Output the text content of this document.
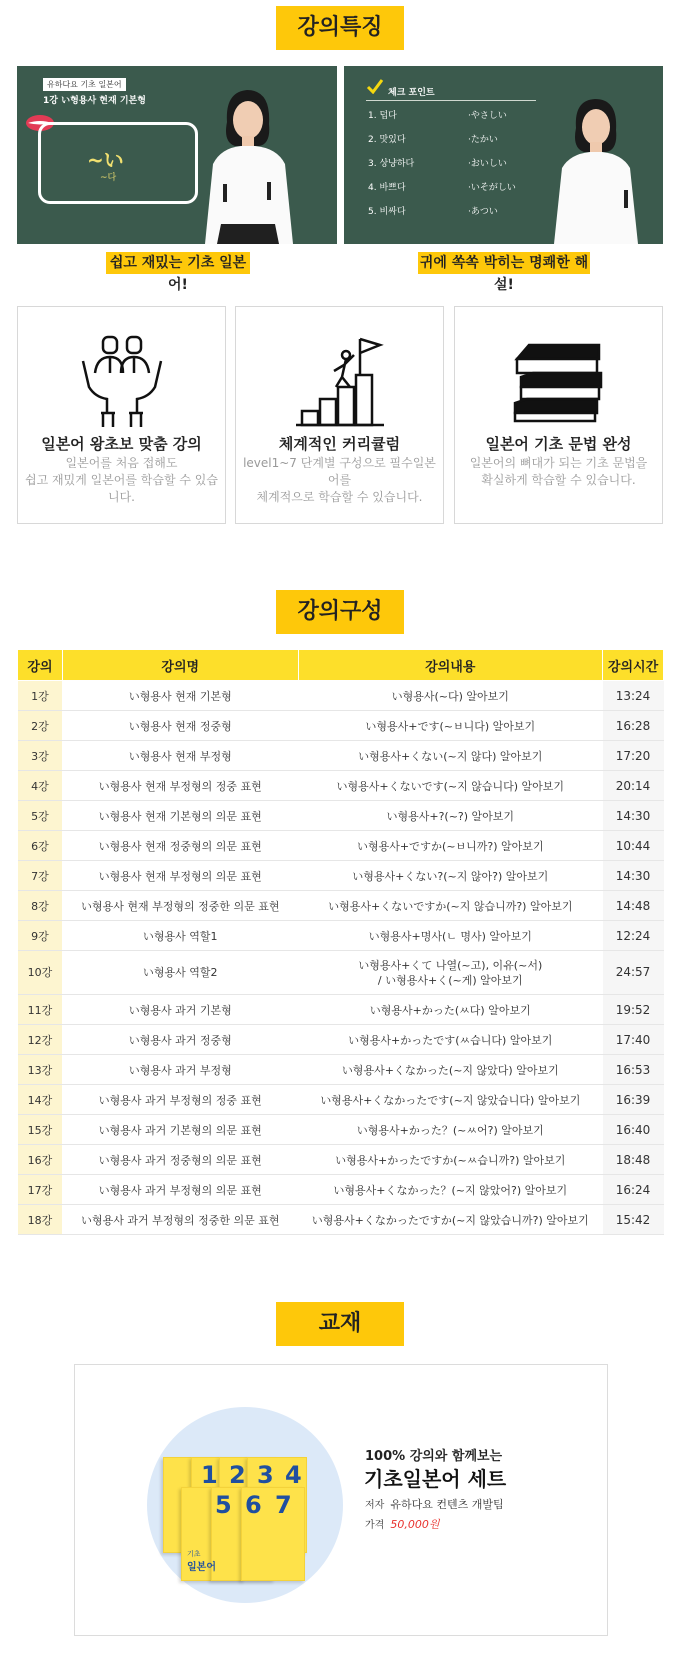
강의특징
유하다요 기초 일본어
1강 い형용사 현재 기본형
~い
~다
체크 포인트
1. 덥다	·やさしい
2. 맛있다	·たかい
3. 상냥하다	·おいしい
4. 바쁘다	·いそがしい
5. 비싸다	·あつい
쉽고 재밌는 기초 일본어!
귀에 쏙쏙 박히는 명쾌한 해설!
일본어 왕초보 맞춤 강의
일본어를 처음 접해도
쉽고 재밌게 일본어를 학습할 수 있습니다.
체계적인 커리큘럼
level1~7 단계별 구성으로 필수일본어를
체계적으로 학습할 수 있습니다.
일본어 기초 문법 완성
일본어의 뼈대가 되는 기초 문법을
확실하게 학습할 수 있습니다.
강의구성
강의	강의명	강의내용	강의시간
1강	い형용사 현재 기본형	い형용사(~다) 알아보기	13:24
2강	い형용사 현재 정중형	い형용사+です(~ㅂ니다) 알아보기	16:28
3강	い형용사 현재 부정형	い형용사+くない(~지 않다) 알아보기	17:20
4강	い형용사 현재 부정형의 정중 표현	い형용사+くないです(~지 않습니다) 알아보기	20:14
5강	い형용사 현재 기본형의 의문 표현	い형용사+?(~?) 알아보기	14:30
6강	い형용사 현재 정중형의 의문 표현	い형용사+ですか(~ㅂ니까?) 알아보기	10:44
7강	い형용사 현재 부정형의 의문 표현	い형용사+くない?(~지 않아?) 알아보기	14:30
8강	い형용사 현재 부정형의 정중한 의문 표현	い형용사+くないですか(~지 않습니까?) 알아보기	14:48
9강	い형용사 역할1	い형용사+명사(ㄴ 명사) 알아보기	12:24
10강	い형용사 역할2	い형용사+くて 나열(~고), 이유(~서)
/ い형용사+く(~게) 알아보기	24:57
11강	い형용사 과거 기본형	い형용사+かった(ㅆ다) 알아보기	19:52
12강	い형용사 과거 정중형	い형용사+かったです(ㅆ습니다) 알아보기	17:40
13강	い형용사 과거 부정형	い형용사+くなかった(~지 않았다) 알아보기	16:53
14강	い형용사 과거 부정형의 정중 표현	い형용사+くなかったです(~지 않았습니다) 알아보기	16:39
15강	い형용사 과거 기본형의 의문 표현	い형용사+かった？(~ㅆ어?) 알아보기	16:40
16강	い형용사 과거 정중형의 의문 표현	い형용사+かったですか(~ㅆ습니까?) 알아보기	18:48
17강	い형용사 과거 부정형의 의문 표현	い형용사+くなかった？(~지 않았어?) 알아보기	16:24
18강	い형용사 과거 부정형의 정중한 의문 표현	い형용사+くなかったですか(~지 않았습니까?) 알아보기	15:42
교재
1 2 3 4
5 6 7
기초
일본어
100% 강의와 함께보는
기초일본어 세트
저자 유하다요 컨텐츠 개발팀
가격 50,000원
